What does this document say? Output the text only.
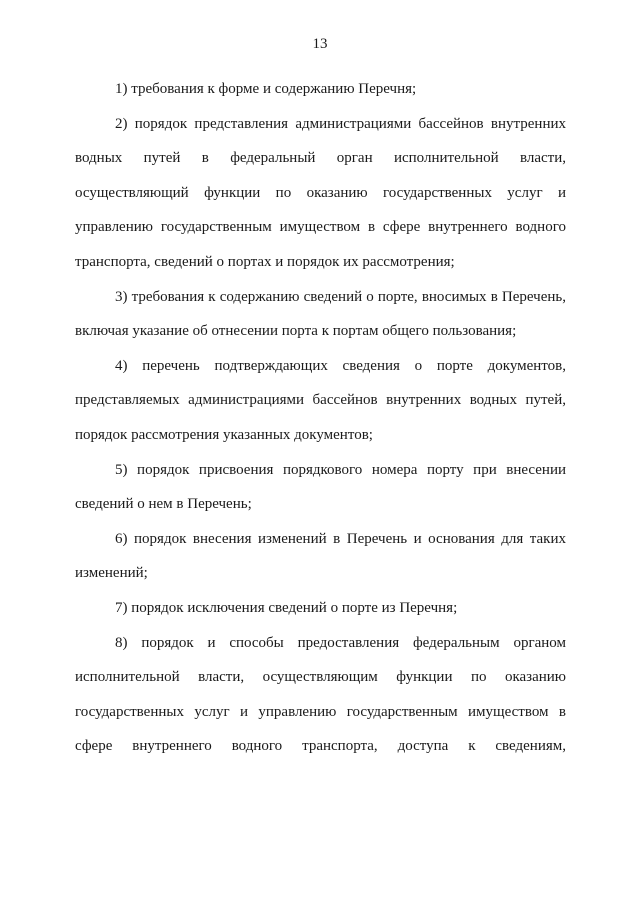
13

1) требования к форме и содержанию Перечня;

2) порядок представления администрациями бассейнов внутренних водных путей в федеральный орган исполнительной власти, осуществляющий функции по оказанию государственных услуг и управлению государственным имуществом в сфере внутреннего водного транспорта, сведений о портах и порядок их рассмотрения;

3) требования к содержанию сведений о порте, вносимых в Перечень, включая указание об отнесении порта к портам общего пользования;

4) перечень подтверждающих сведения о порте документов, представляемых администрациями бассейнов внутренних водных путей, порядок рассмотрения указанных документов;

5) порядок присвоения порядкового номера порту при внесении сведений о нем в Перечень;

6) порядок внесения изменений в Перечень и основания для таких изменений;

7) порядок исключения сведений о порте из Перечня;

8) порядок и способы предоставления федеральным органом исполнительной власти, осуществляющим функции по оказанию государственных услуг и управлению государственным имуществом в сфере внутреннего водного транспорта, доступа к сведениям,
